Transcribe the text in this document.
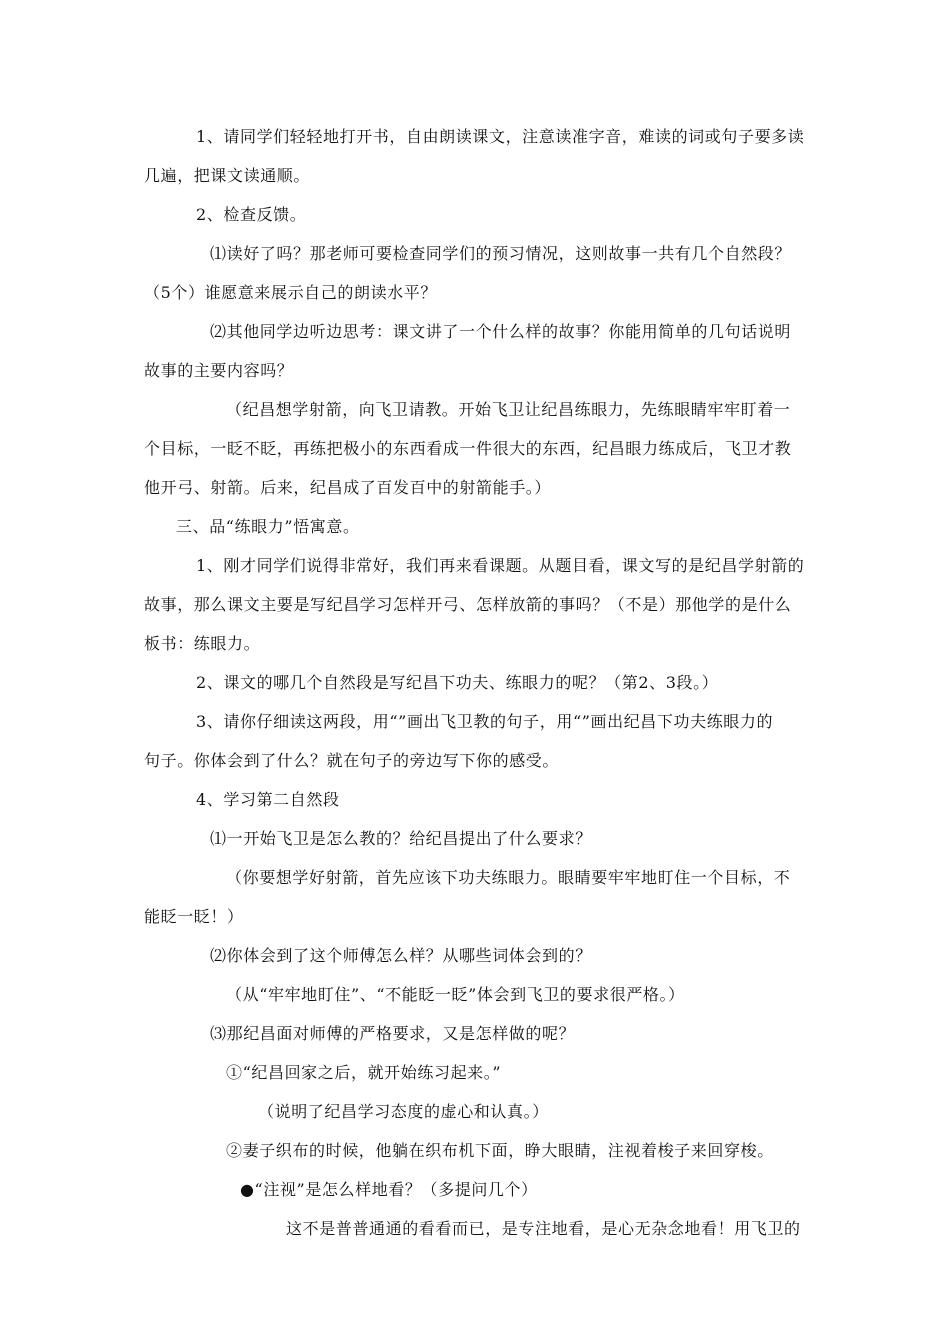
1、请同学们轻轻地打开书，自由朗读课文，注意读准字音，难读的词或句子要多读
几遍，把课文读通顺。
2、检查反馈。
⑴读好了吗？那老师可要检查同学们的预习情况，这则故事一共有几个自然段？
（5个）谁愿意来展示自己的朗读水平？
⑵其他同学边听边思考：课文讲了一个什么样的故事？你能用简单的几句话说明
故事的主要内容吗？
（纪昌想学射箭，向飞卫请教。开始飞卫让纪昌练眼力，先练眼睛牢牢盯着一
个目标，一眨不眨，再练把极小的东西看成一件很大的东西，纪昌眼力练成后，飞卫才教
他开弓、射箭。后来，纪昌成了百发百中的射箭能手。）
三、品“练眼力”悟寓意。
1、刚才同学们说得非常好，我们再来看课题。从题目看，课文写的是纪昌学射箭的
故事，那么课文主要是写纪昌学习怎样开弓、怎样放箭的事吗？（不是）那他学的是什么
板书：练眼力。
2、课文的哪几个自然段是写纪昌下功夫、练眼力的呢？（第2、3段。）
3、请你仔细读这两段，用“”画出飞卫教的句子，用“”画出纪昌下功夫练眼力的
句子。你体会到了什么？就在句子的旁边写下你的感受。
4、学习第二自然段
⑴一开始飞卫是怎么教的？给纪昌提出了什么要求？
（你要想学好射箭，首先应该下功夫练眼力。眼睛要牢牢地盯住一个目标，不
能眨一眨！）
⑵你体会到了这个师傅怎么样？从哪些词体会到的？
（从“牢牢地盯住”、“不能眨一眨”体会到飞卫的要求很严格。）
⑶那纪昌面对师傅的严格要求，又是怎样做的呢？
①“纪昌回家之后，就开始练习起来。”
（说明了纪昌学习态度的虚心和认真。）
②妻子织布的时候，他躺在织布机下面，睁大眼睛，注视着梭子来回穿梭。
●“注视”是怎么样地看？（多提问几个）
这不是普普通通的看看而已，是专注地看，是心无杂念地看！用飞卫的
